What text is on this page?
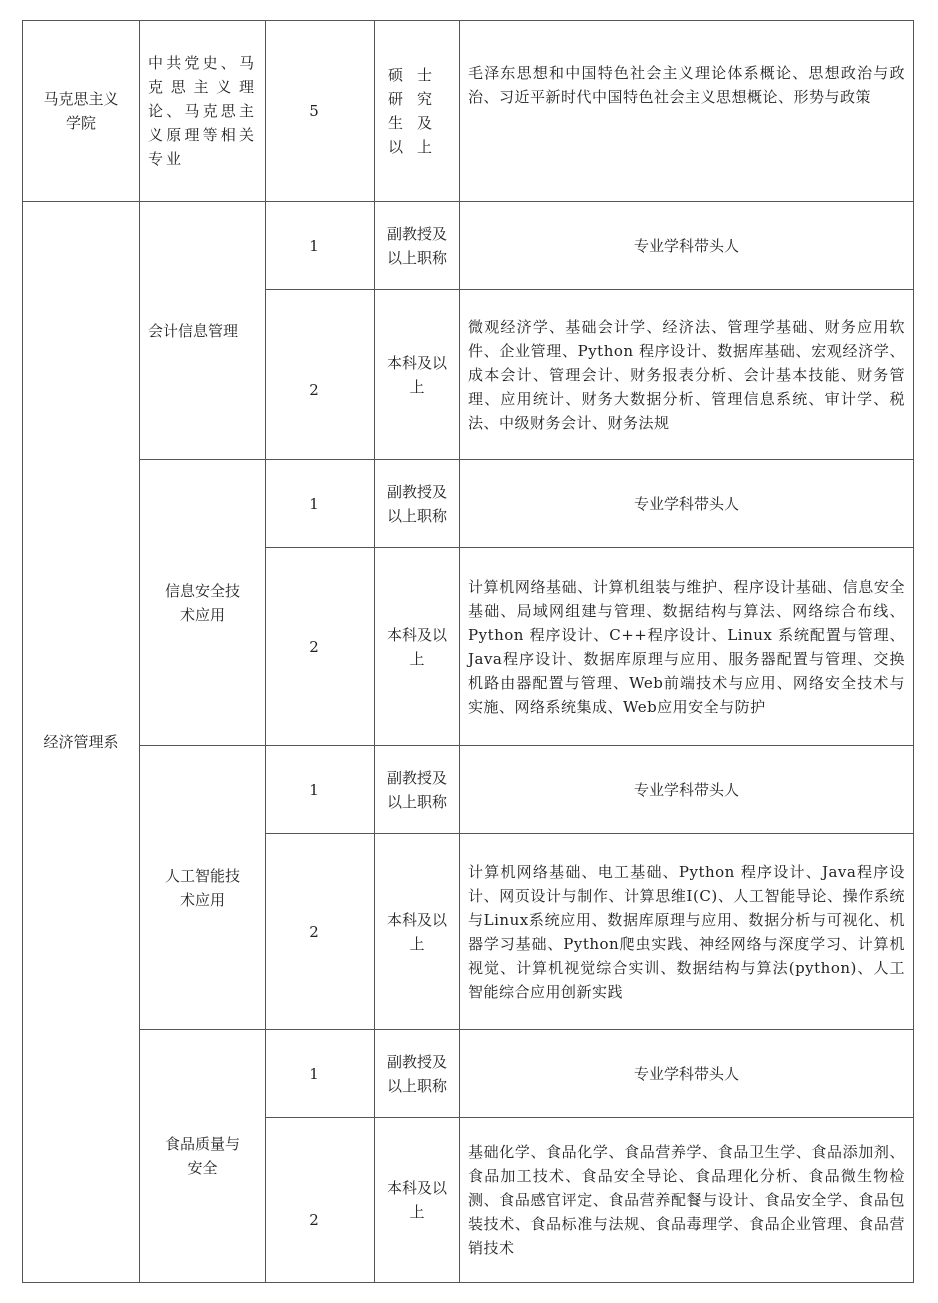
马克思主义学院	中共党史、马克思主义理论、马克思主义原理等相关专业	5	硕士研究生及以上	毛泽东思想和中国特色社会主义理论体系概论、思想政治与政治、习近平新时代中国特色社会主义思想概论、形势与政策
经济管理系	会计信息管理	1	副教授及以上职称	专业学科带头人
		2	本科及以上	微观经济学、基础会计学、经济法、管理学基础、财务应用软件、企业管理、Python 程序设计、数据库基础、宏观经济学、成本会计、管理会计、财务报表分析、会计基本技能、财务管理、应用统计、财务大数据分析、管理信息系统、审计学、税法、中级财务会计、财务法规
	信息安全技术应用	1	副教授及以上职称	专业学科带头人
		2	本科及以上	计算机网络基础、计算机组装与维护、程序设计基础、信息安全基础、局域网组建与管理、数据结构与算法、网络综合布线、Python 程序设计、C++程序设计、Linux 系统配置与管理、Java程序设计、数据库原理与应用、服务器配置与管理、交换机路由器配置与管理、Web前端技术与应用、网络安全技术与实施、网络系统集成、Web应用安全与防护
	人工智能技术应用	1	副教授及以上职称	专业学科带头人
		2	本科及以上	计算机网络基础、电工基础、Python 程序设计、Java程序设计、网页设计与制作、计算思维Ⅰ(C)、人工智能导论、操作系统与Linux系统应用、数据库原理与应用、数据分析与可视化、机器学习基础、Python爬虫实践、神经网络与深度学习、计算机视觉、计算机视觉综合实训、数据结构与算法(python)、人工智能综合应用创新实践
	食品质量与安全	1	副教授及以上职称	专业学科带头人
		2	本科及以上	基础化学、食品化学、食品营养学、食品卫生学、食品添加剂、食品加工技术、食品安全导论、食品理化分析、食品微生物检测、食品感官评定、食品营养配餐与设计、食品安全学、食品包装技术、食品标准与法规、食品毒理学、食品企业管理、食品营销技术
